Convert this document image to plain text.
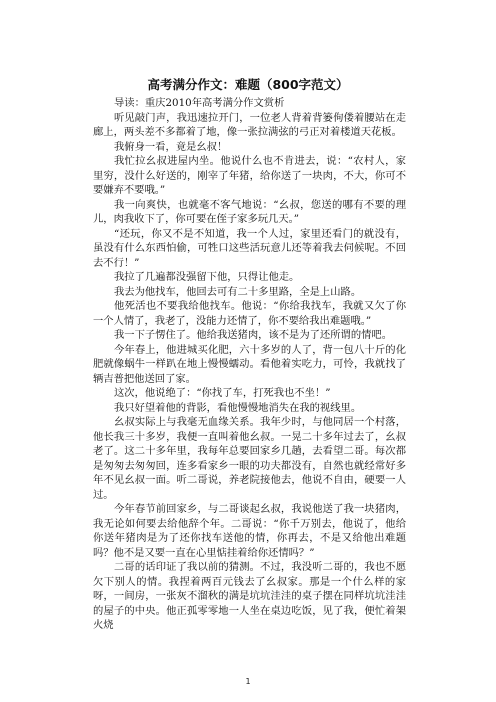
高考满分作文：难题（800字范文）

导读：重庆2010年高考满分作文赏析

听见敲门声，我迅速拉开门，一位老人背着背篓佝偻着腰站在走廊上，两头差不多都着了地，像一张拉满弦的弓正对着楼道天花板。

我俯身一看，竟是幺叔！

我忙拉幺叔进屋内坐。他说什么也不肯进去，说：“农村人，家里穷，没什么好送的，刚宰了年猪，给你送了一块肉，不大，你可不要嫌弃不要哦。”

我一向爽快，也就毫不客气地说：“幺叔，您送的哪有不要的理儿，肉我收下了，你可要在侄子家多玩几天。”

“还玩，你又不是不知道，我一个人过，家里还看门的就没有，虽没有什么东西怕偷，可牲口这些活玩意儿还等着我去伺候呢。不回去不行！”

我拉了几遍都没强留下他，只得让他走。

我去为他找车，他回去可有二十多里路，全是上山路。

他死活也不要我给他找车。他说：“你给我找车，我就又欠了你一个人情了，我老了，没能力还情了，你不要给我出难题哦。”

我一下子愣住了。他给我送猪肉，该不是为了还所谓的情吧。

今年春上，他进城买化肥，六十多岁的人了，背一包八十斤的化肥就像蜗牛一样趴在地上慢慢蠕动。看他着实吃力，可怜，我就找了辆吉普把他送回了家。

这次，他说绝了：“你找了车，打死我也不坐！”

我只好望着他的背影，看他慢慢地消失在我的视线里。

幺叔实际上与我毫无血缘关系。我年少时，与他同居一个村落，他长我三十多岁，我便一直叫着他幺叔。一晃二十多年过去了，幺叔老了。这二十多年里，我每年总要回家乡几趟，去看望二哥。每次都是匆匆去匆匆回，连多看家乡一眼的功夫都没有，自然也就经常好多年不见幺叔一面。听二哥说，养老院接他去，他说不自由，硬要一人过。

今年春节前回家乡，与二哥谈起幺叔，我说他送了我一块猪肉，我无论如何要去给他辞个年。二哥说：“你千万别去，他说了，他给你送年猪肉是为了还你找车送他的情，你再去，不是又给他出难题吗？他不是又要一直在心里惦挂着给你还情吗？”

二哥的话印证了我以前的猜测。不过，我没听二哥的，我也不愿欠下别人的情。我捏着两百元钱去了幺叔家。那是一个什么样的家呀，一间房，一张灰不溜秋的满是坑坑洼洼的桌子摆在同样坑坑洼洼的屋子的中央。他正孤零零地一人坐在桌边吃饭，见了我，便忙着架火烧

1
